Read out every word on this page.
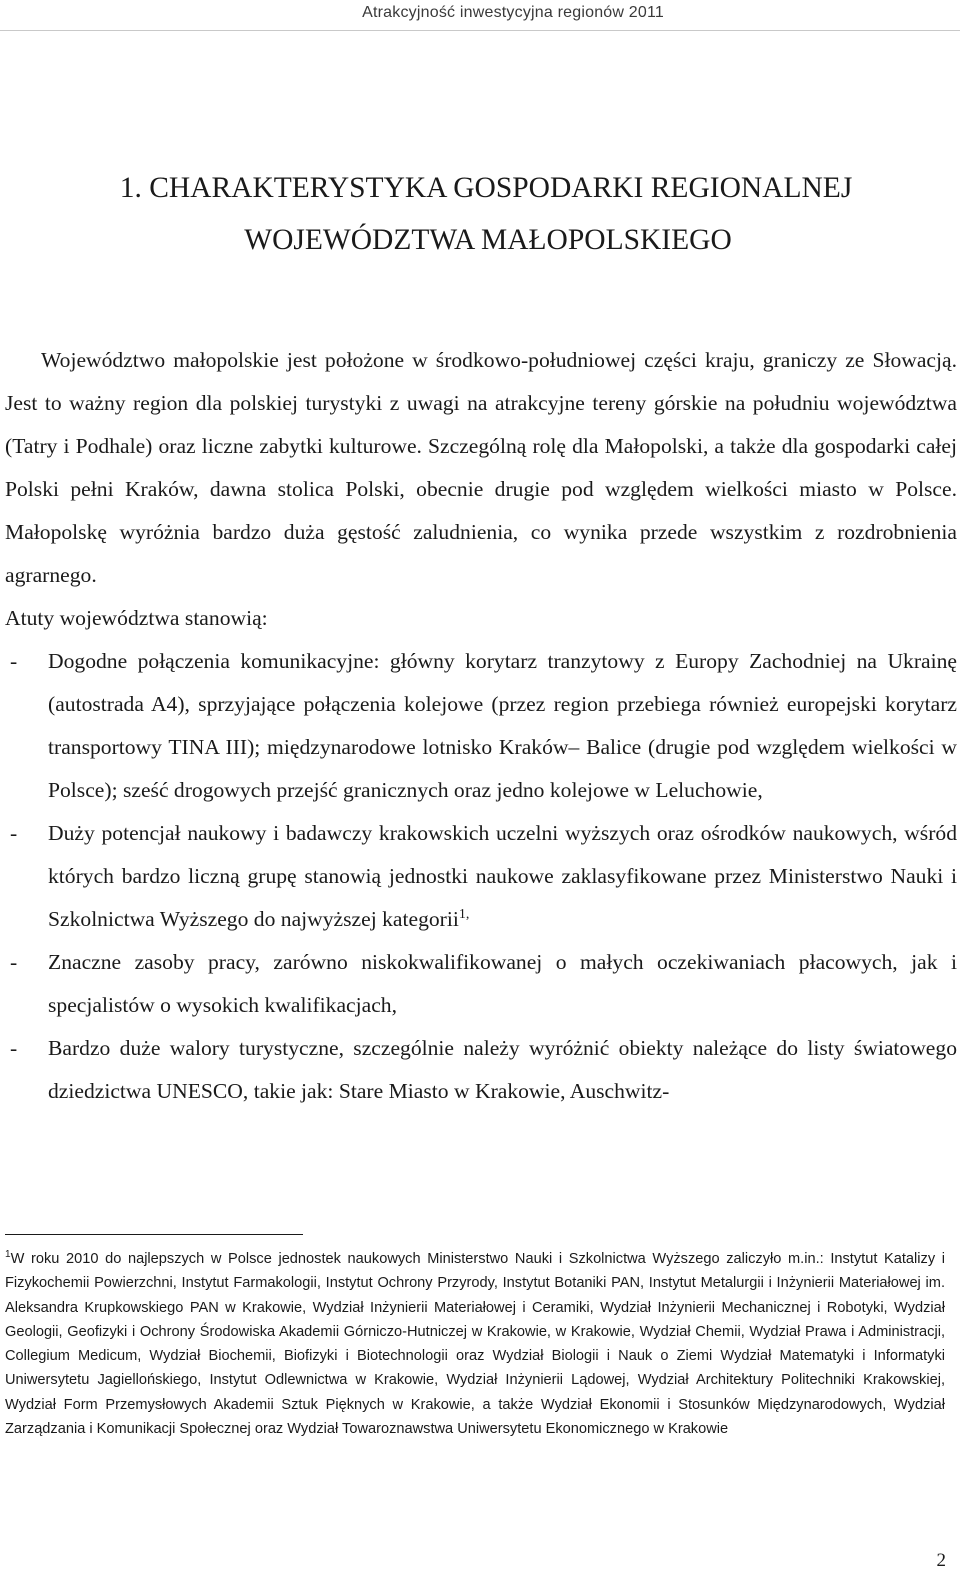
Atrakcyjność inwestycyjna regionów 2011
1. CHARAKTERYSTYKA GOSPODARKI REGIONALNEJ
WOJEWÓDZTWA MAŁOPOLSKIEGO

Województwo małopolskie jest położone w środkowo-południowej części kraju, graniczy ze Słowacją. Jest to ważny region dla polskiej turystyki z uwagi na atrakcyjne tereny górskie na południu województwa (Tatry i Podhale) oraz liczne zabytki kulturowe. Szczególną rolę dla Małopolski, a także dla gospodarki całej Polski pełni Kraków, dawna stolica Polski, obecnie drugie pod względem wielkości miasto w Polsce. Małopolskę wyróżnia bardzo duża gęstość zaludnienia, co wynika przede wszystkim z rozdrobnienia agrarnego.

Atuty województwa stanowią:

- Dogodne połączenia komunikacyjne: główny korytarz tranzytowy z Europy Zachodniej na Ukrainę (autostrada A4), sprzyjające połączenia kolejowe (przez region przebiega również europejski korytarz transportowy TINA III); międzynarodowe lotnisko Kraków– Balice (drugie pod względem wielkości w Polsce); sześć drogowych przejść granicznych oraz jedno kolejowe w Leluchowie,
- Duży potencjał naukowy i badawczy krakowskich uczelni wyższych oraz ośrodków naukowych, wśród których bardzo liczną grupę stanowią jednostki naukowe zaklasyfikowane przez Ministerstwo Nauki i Szkolnictwa Wyższego do najwyższej kategorii$^{1,}$
- Znaczne zasoby pracy, zarówno niskokwalifikowanej o małych oczekiwaniach płacowych, jak i specjalistów o wysokich kwalifikacjach,
- Bardzo duże walory turystyczne, szczególnie należy wyróżnić obiekty należące do listy światowego dziedzictwa UNESCO, takie jak: Stare Miasto w Krakowie, Auschwitz-
$^1$W roku 2010 do najlepszych w Polsce jednostek naukowych Ministerstwo Nauki i Szkolnictwa Wyższego zaliczyło m.in.: Instytut Katalizy i Fizykochemii Powierzchni, Instytut Farmakologii, Instytut Ochrony Przyrody, Instytut Botaniki PAN, Instytut Metalurgii i Inżynierii Materiałowej im. Aleksandra Krupkowskiego PAN w Krakowie, Wydział Inżynierii Materiałowej i Ceramiki, Wydział Inżynierii Mechanicznej i Robotyki, Wydział Geologii, Geofizyki i Ochrony Środowiska Akademii Górniczo-Hutniczej w Krakowie, w Krakowie, Wydział Chemii, Wydział Prawa i Administracji, Collegium Medicum, Wydział Biochemii, Biofizyki i Biotechnologii oraz Wydział Biologii i Nauk o Ziemi Wydział Matematyki i Informatyki Uniwersytetu Jagiellońskiego, Instytut Odlewnictwa w Krakowie, Wydział Inżynierii Lądowej, Wydział Architektury Politechniki Krakowskiej, Wydział Form Przemysłowych Akademii Sztuk Pięknych w Krakowie, a także Wydział Ekonomii i Stosunków Międzynarodowych, Wydział Zarządzania i Komunikacji Społecznej oraz Wydział Towaroznawstwa Uniwersytetu Ekonomicznego w Krakowie
2
